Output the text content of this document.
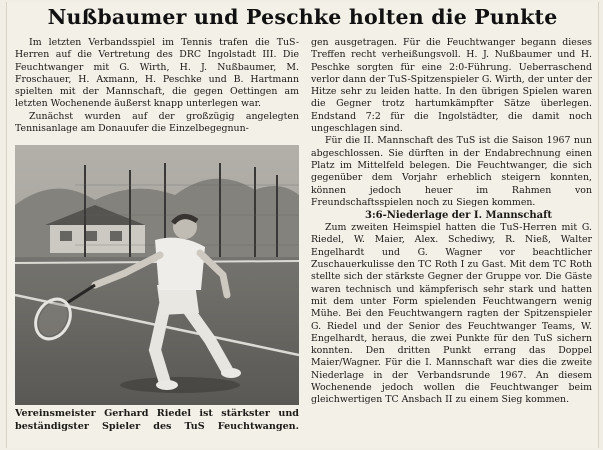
Nußbaumer und Peschke holten die Punkte

Im letzten Verbandsspiel im Tennis trafen die TuS-Herren auf die Vertretung des DRC Ingolstadt III. Die Feuchtwanger mit G. Wirth, H. J. Nußbaumer, M. Froschauer, H. Axmann, H. Peschke und B. Hartmann spielten mit der Mannschaft, die gegen Oettingen am letzten Wochenende äußerst knapp unterlegen war.

Zunächst wurden auf der großzügig angelegten Tennisanlage am Donauufer die Einzelbegegnun-

Vereinsmeister Gerhard Riedel ist stärkster und beständigster Spieler des TuS Feuchtwangen.

gen ausgetragen. Für die Feuchtwanger begann dieses Treffen recht verheißungsvoll. H. J. Nußbaumer und H. Peschke sorgten für eine 2:0-Führung. Ueberraschend verlor dann der TuS-Spitzenspieler G. Wirth, der unter der Hitze sehr zu leiden hatte. In den übrigen Spielen waren die Gegner trotz hartumkämpfter Sätze überlegen. Endstand 7:2 für die Ingolstädter, die damit noch ungeschlagen sind.

Für die II. Mannschaft des TuS ist die Saison 1967 nun abgeschlossen. Sie dürften in der Endabrechnung einen Platz im Mittelfeld belegen. Die Feuchtwanger, die sich gegenüber dem Vorjahr erheblich steigern konnten, können jedoch heuer im Rahmen von Freundschaftsspielen noch zu Siegen kommen.

3:6-Niederlage der I. Mannschaft

Zum zweiten Heimspiel hatten die TuS-Herren mit G. Riedel, W. Maier, Alex. Schediwy, R. Nieß, Walter Engelhardt und G. Wagner vor beachtlicher Zuschauerkulisse den TC Roth I zu Gast. Mit dem TC Roth stellte sich der stärkste Gegner der Gruppe vor. Die Gäste waren technisch und kämpferisch sehr stark und hatten mit dem unter Form spielenden Feuchtwangern wenig Mühe. Bei den Feuchtwangern ragten der Spitzenspieler G. Riedel und der Senior des Feuchtwanger Teams, W. Engelhardt, heraus, die zwei Punkte für den TuS sichern konnten. Den dritten Punkt errang das Doppel Maier/Wagner. Für die I. Mannschaft war dies die zweite Niederlage in der Verbandsrunde 1967. An diesem Wochenende jedoch wollen die Feuchtwanger beim gleichwertigen TC Ansbach II zu einem Sieg kommen.
